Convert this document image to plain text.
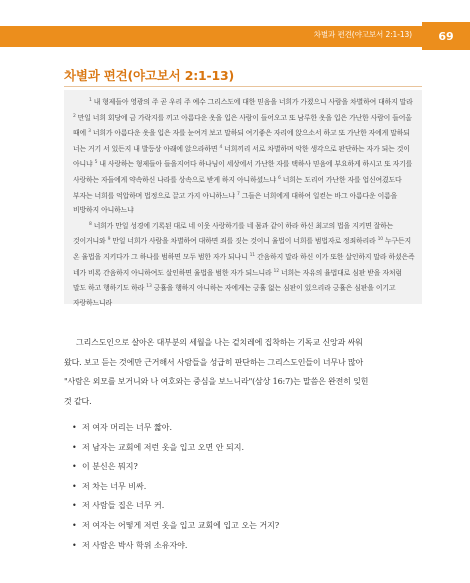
차별과 편견(야고보서 2:1-13)	69
차별과 편견(야고보서 2:1-13)

$^1$ 내 형제들아 영광의 주 곧 우리 주 예수 그리스도에 대한 믿음을 너희가 가졌으니 사람을 차별하여 대하지 말라 $^2$ 만일 너희 회당에 금 가락지를 끼고 아름다운 옷을 입은 사람이 들어오고 또 남루한 옷을 입은 가난한 사람이 들어올 때에 $^3$ 너희가 아름다운 옷을 입은 자를 눈여겨 보고 말하되 여기좋은 자리에 앉으소서 하고 또 가난한 자에게 말하되 너는 거기 서 있든지 내 발등상 아래에 앉으라하면 $^4$ 너희끼리 서로 차별하며 악한 생각으로 판단하는 자가 되는 것이 아니냐 $^5$ 내 사랑하는 형제들아 들을지어다 하나님이 세상에서 가난한 자를 택하사 믿음에 부요하게 하시고 또 자기를 사랑하는 자들에게 약속하신 나라를 상속으로 받게 하지 아니하셨느냐 $^6$ 너희는 도리어 가난한 자를 업신여겼도다 부자는 너희를 억압하며 법정으로 끌고 가지 아니하느냐 $^7$ 그들은 너희에게 대하여 일컫는 바그 아름다운 이름을 비방하지 아니하느냐

$^8$ 너희가 만일 성경에 기록된 대로 네 이웃 사랑하기를 네 몸과 같이 하라 하신 최고의 법을 지키면 잘하는 것이거니와 $^9$ 만일 너희가 사람을 차별하여 대하면 죄를 짓는 것이니 율법이 너희를 범법자로 정죄하리라 $^{10}$ 누구든지 온 율법을 지키다가 그 하나를 범하면 모두 범한 자가 되나니 $^{11}$ 간음하지 말라 하신 이가 또한 살인하지 말라 하셨은즉 네가 비록 간음하지 아니하여도 살인하면 율법을 범한 자가 되느니라 $^{12}$ 너희는 자유의 율법대로 심판 받을 자처럼 말도 하고 행하기도 하라 $^{13}$ 긍휼을 행하지 아니하는 자에게는 긍휼 없는 심판이 있으리라 긍휼은 심판을 이기고 자랑하느니라

그리스도인으로 살아온 대부분의 세월을 나는 겉치레에 집착하는 기독교 신앙과 싸워
왔다. 보고 듣는 것에만 근거해서 사람들을 성급히 판단하는 그리스도인들이 너무나 많아
"사람은 외모를 보거니와 나 여호와는 중심을 보느니라"(삼상 16:7)는 말씀은 완전히 잊힌
것 같다.

• 저 여자 머리는 너무 짧아.
• 저 남자는 교회에 저런 옷을 입고 오면 안 되지.
• 이 분신은 뭐지?
• 저 차는 너무 비싸.
• 저 사람들 집은 너무 커.
• 저 여자는 어떻게 저런 옷을 입고 교회에 입고 오는 거지?
• 저 사람은 박사 학위 소유자야.
